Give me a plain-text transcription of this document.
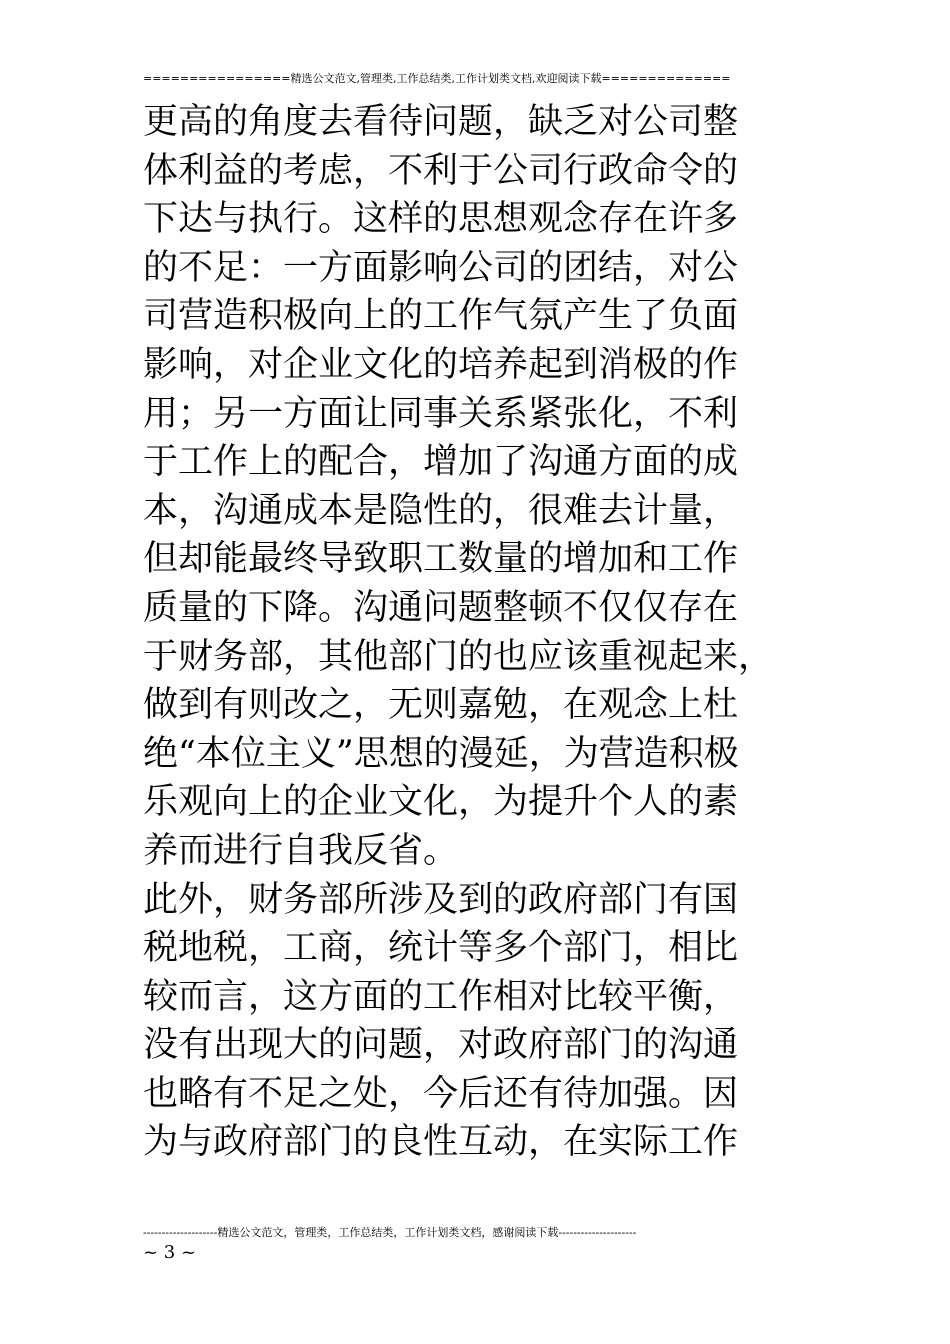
================精选公文范文,管理类,工作总结类,工作计划类文档,欢迎阅读下载==============
更高的角度去看待问题，缺乏对公司整
体利益的考虑，不利于公司行政命令的
下达与执行。这样的思想观念存在许多
的不足：一方面影响公司的团结，对公
司营造积极向上的工作气氛产生了负面
影响，对企业文化的培养起到消极的作
用；另一方面让同事关系紧张化，不利
于工作上的配合，增加了沟通方面的成
本，沟通成本是隐性的，很难去计量，
但却能最终导致职工数量的增加和工作
质量的下降。沟通问题整顿不仅仅存在
于财务部，其他部门的也应该重视起来，
做到有则改之，无则嘉勉，在观念上杜
绝“本位主义”思想的漫延，为营造积极
乐观向上的企业文化，为提升个人的素
养而进行自我反省。
此外，财务部所涉及到的政府部门有国
税地税，工商，统计等多个部门，相比
较而言，这方面的工作相对比较平衡，
没有出现大的问题，对政府部门的沟通
也略有不足之处，今后还有待加强。因
为与政府部门的良性互动，在实际工作
--------------------精选公文范文，管理类，工作总结类，工作计划类文档，感谢阅读下载---------------------
~ 3 ~
